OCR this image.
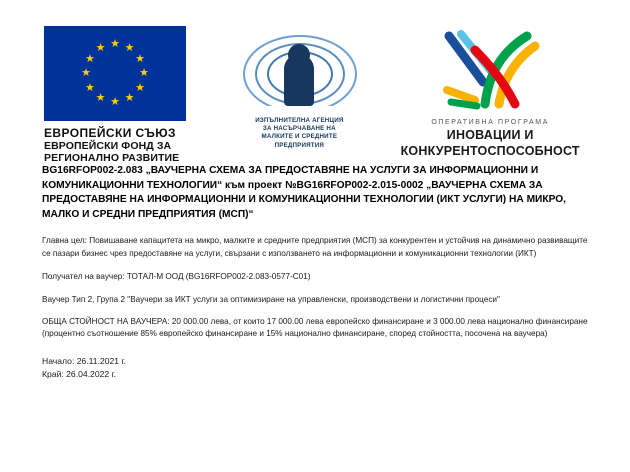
★ ★
★
★
★
★
★
★
★
★
★
★
ЕВРОПЕЙСКИ СЪЮЗ
ЕВРОПЕЙСКИ ФОНД ЗА
РЕГИОНАЛНО РАЗВИТИЕ
ИЗПЪЛНИТЕЛНА АГЕНЦИЯ
ЗА НАСЪРЧАВАНЕ НА
МАЛКИТЕ И СРЕДНИТЕ
ПРЕДПРИЯТИЯ
ОПЕРАТИВНА ПРОГРАМА
ИНОВАЦИИ И
КОНКУРЕНТОСПОСОБНОСТ
BG16RFOP002-2.083 „ВАУЧЕРНА СХЕМА ЗА ПРЕДОСТАВЯНЕ НА УСЛУГИ ЗА ИНФОРМАЦИОННИ И КОМУНИКАЦИОННИ ТЕХНОЛОГИИ“ към проект №BG16RFOP002-2.015-0002 „ВАУЧЕРНА СХЕМА ЗА ПРЕДОСТАВЯНЕ НА ИНФОРМАЦИОННИ И КОМУНИКАЦИОННИ ТЕХНОЛОГИИ (ИКТ УСЛУГИ) НА МИКРО, МАЛКО И СРЕДНИ ПРЕДПРИЯТИЯ (МСП)“
Главна цел: Повишаване капацитета на микро, малките и средните предприятия (МСП) за конкурентен и устойчив на динамично развиващите се пазари бизнес чрез предоставяне на услуги, свързани с използването на информационни и комуникационни технологии (ИКТ)
Получател на ваучер: ТОТАЛ-М ООД (BG16RFOP002-2.083-0577-C01)
Ваучер Тип 2, Група 2 "Ваучери за ИКТ услуги за оптимизиране на управленски, производствени и логистични процеси"
ОБЩА СТОЙНОСТ НА ВАУЧЕРА: 20 000.00 лева, от които 17 000.00 лева европейско финансиране и 3 000.00 лева национално финансиране (процентно съотношение 85% европейско финансиране и 15% национално финансиране, според стойността, посочена на ваучера)
Начало: 26.11.2021 г.
Край: 26.04.2022 г.
